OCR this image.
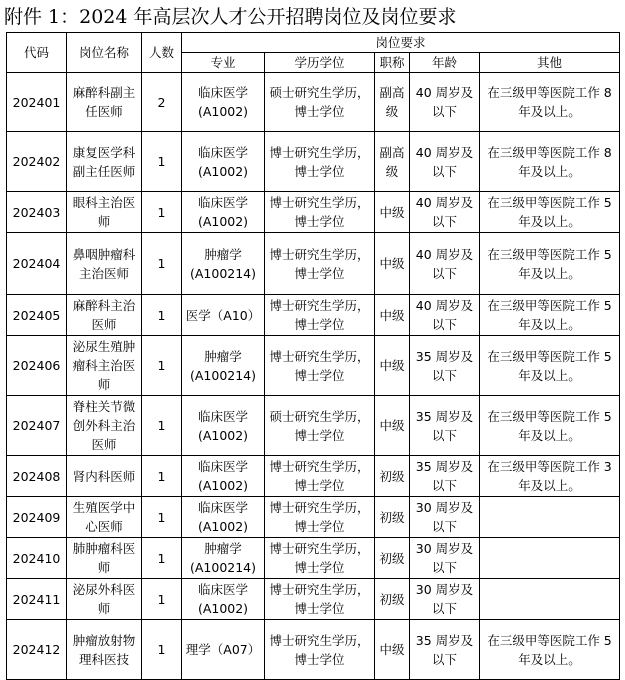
附件 1：2024 年高层次人才公开招聘岗位及岗位要求
代码	岗位名称	人数	岗位要求				
			专业	学历学位	职称	年龄	其他
202401	麻醉科副主任医师	2	临床医学(A1002)	硕士研究生学历，博士学位	副高级	40 周岁及以下	在三级甲等医院工作 8 年及以上。
202402	康复医学科副主任医师	1	临床医学(A1002)	博士研究生学历，博士学位	副高级	40 周岁及以下	在三级甲等医院工作 8 年及以上。
202403	眼科主治医师	1	临床医学(A1002)	博士研究生学历，博士学位	中级	40 周岁及以下	在三级甲等医院工作 5 年及以上。
202404	鼻咽肿瘤科主治医师	1	肿瘤学(A100214)	博士研究生学历，博士学位	中级	40 周岁及以下	在三级甲等医院工作 5 年及以上。
202405	麻醉科主治医师	1	医学（A10）	博士研究生学历，博士学位	中级	40 周岁及以下	在三级甲等医院工作 5 年及以上。
202406	泌尿生殖肿瘤科主治医师	1	肿瘤学(A100214)	博士研究生学历，博士学位	中级	35 周岁及以下	在三级甲等医院工作 5 年及以上。
202407	脊柱关节微创外科主治医师	1	临床医学(A1002)	硕士研究生学历，博士学位	中级	35 周岁及以下	在三级甲等医院工作 5 年及以上。
202408	肾内科医师	1	临床医学(A1002)	博士研究生学历，博士学位	初级	35 周岁及以下	在三级甲等医院工作 3 年及以上。
202409	生殖医学中心医师	1	临床医学(A1002)	博士研究生学历，博士学位	初级	30 周岁及以下	
202410	肺肿瘤科医师	1	肿瘤学(A100214)	博士研究生学历，博士学位	初级	30 周岁及以下	
202411	泌尿外科医师	1	临床医学(A1002)	博士研究生学历，博士学位	初级	30 周岁及以下	
202412	肿瘤放射物理科医技	1	理学（A07）	博士研究生学历，博士学位	中级	35 周岁及以下	在三级甲等医院工作 5 年及以上。
